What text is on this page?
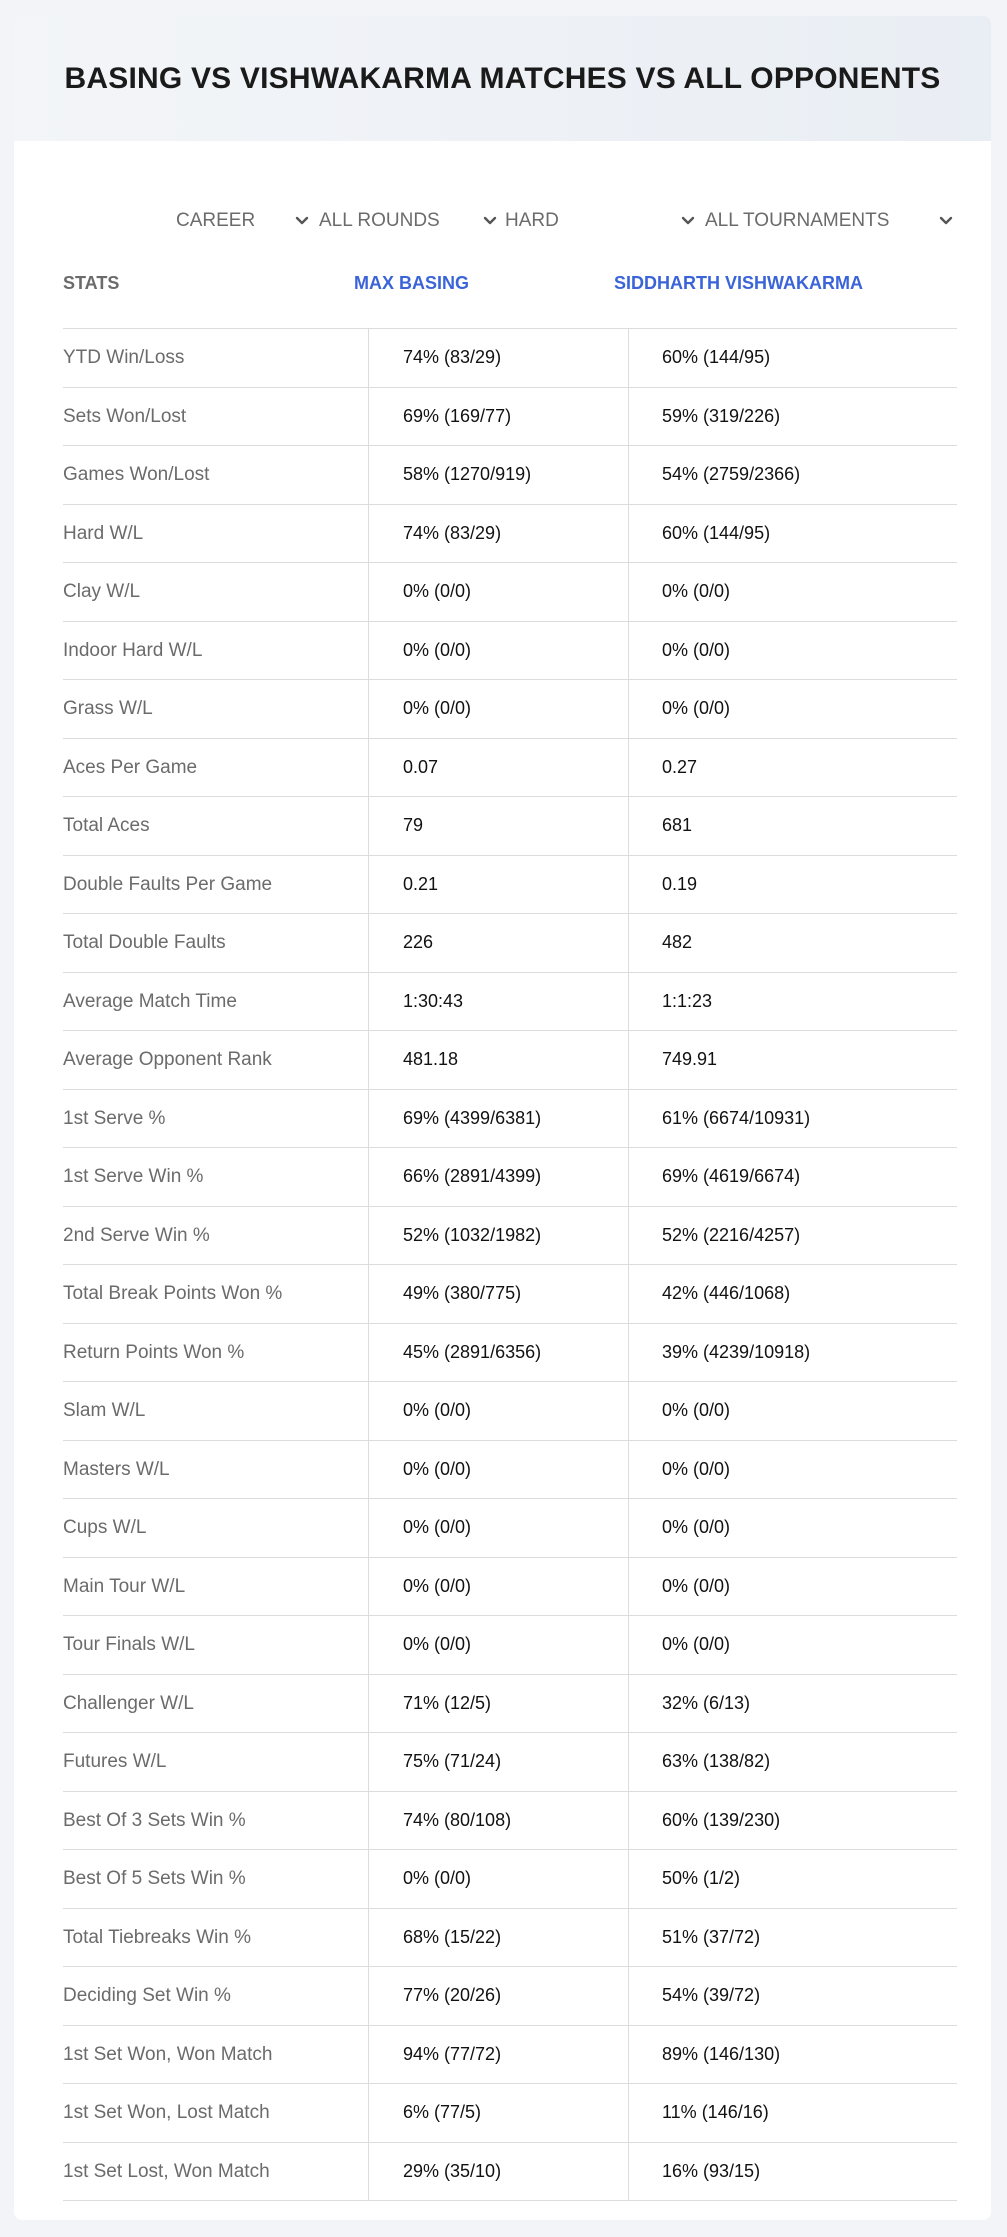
BASING VS VISHWAKARMA MATCHES VS ALL OPPONENTS
CAREER	ALL ROUNDS	HARD	ALL TOURNAMENTS
STATS	MAX BASING	SIDDHARTH VISHWAKARMA
YTD Win/Loss	74% (83/29)	60% (144/95)
Sets Won/Lost	69% (169/77)	59% (319/226)
Games Won/Lost	58% (1270/919)	54% (2759/2366)
Hard W/L	74% (83/29)	60% (144/95)
Clay W/L	0% (0/0)	0% (0/0)
Indoor Hard W/L	0% (0/0)	0% (0/0)
Grass W/L	0% (0/0)	0% (0/0)
Aces Per Game	0.07	0.27
Total Aces	79	681
Double Faults Per Game	0.21	0.19
Total Double Faults	226	482
Average Match Time	1:30:43	1:1:23
Average Opponent Rank	481.18	749.91
1st Serve %	69% (4399/6381)	61% (6674/10931)
1st Serve Win %	66% (2891/4399)	69% (4619/6674)
2nd Serve Win %	52% (1032/1982)	52% (2216/4257)
Total Break Points Won %	49% (380/775)	42% (446/1068)
Return Points Won %	45% (2891/6356)	39% (4239/10918)
Slam W/L	0% (0/0)	0% (0/0)
Masters W/L	0% (0/0)	0% (0/0)
Cups W/L	0% (0/0)	0% (0/0)
Main Tour W/L	0% (0/0)	0% (0/0)
Tour Finals W/L	0% (0/0)	0% (0/0)
Challenger W/L	71% (12/5)	32% (6/13)
Futures W/L	75% (71/24)	63% (138/82)
Best Of 3 Sets Win %	74% (80/108)	60% (139/230)
Best Of 5 Sets Win %	0% (0/0)	50% (1/2)
Total Tiebreaks Win %	68% (15/22)	51% (37/72)
Deciding Set Win %	77% (20/26)	54% (39/72)
1st Set Won, Won Match	94% (77/72)	89% (146/130)
1st Set Won, Lost Match	6% (77/5)	11% (146/16)
1st Set Lost, Won Match	29% (35/10)	16% (93/15)
